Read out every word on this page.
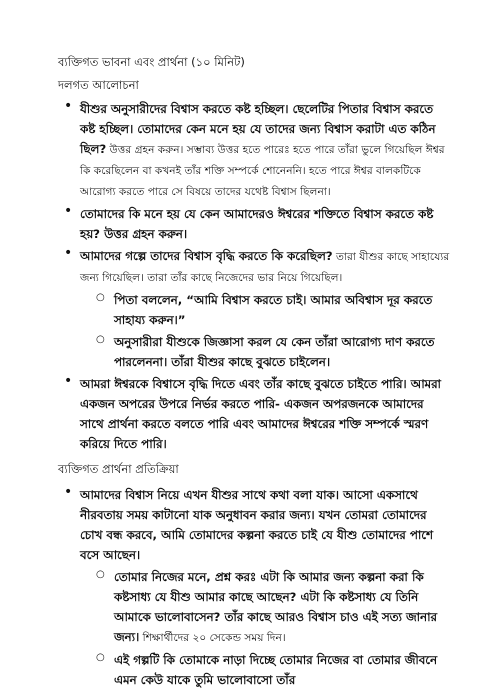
ব্যক্তিগত ভাবনা এবং প্রার্থনা (১০ মিনিট)
দলগত আলোচনা
• যীশুর অনুসারীদের বিশ্বাস করতে কষ্ট হচ্ছিল। ছেলেটির পিতার বিশ্বাস করতে কষ্ট হচ্ছিল। তোমাদের কেন মনে হয় যে তাদের জন্য বিশ্বাস করাটা এত কঠিন ছিল? উত্তর গ্রহন করুন। সম্ভাব্য উত্তর হতে পারেঃ হতে পারে তাঁরা ভুলে গিয়েছিল ঈশ্বর কি করেছিলেন বা কখনই তাঁর শক্তি সম্পর্কে শোনেননি। হতে পারে ঈশ্বর বালকটিকে আরোগ্য করতে পারে সে বিষয়ে তাদের যথেষ্ট বিশ্বাস ছিলনা।
• তোমাদের কি মনে হয় যে কেন আমাদেরও ঈশ্বরের শক্তিতে বিশ্বাস করতে কষ্ট হয়? উত্তর গ্রহন করুন।
• আমাদের গল্পে তাদের বিশ্বাস বৃদ্ধি করতে কি করেছিল? তারা যীশুর কাছে সাহায্যের জন্য গিয়েছিল। তারা তাঁর কাছে নিজেদের ভার নিয়ে গিয়েছিল।
○ পিতা বললেন, “আমি বিশ্বাস করতে চাই। আমার অবিশ্বাস দূর করতে সাহায্য করুন।”
○ অনুসারীরা যীশুকে জিজ্ঞাসা করল যে কেন তাঁরা আরোগ্য দাণ করতে পারলেননা। তাঁরা যীশুর কাছে বুঝতে চাইলেন।
• আমরা ঈশ্বরকে বিশ্বাসে বৃদ্ধি দিতে এবং তাঁর কাছে বুঝতে চাইতে পারি। আমরা একজন অপরের উপরে নির্ভর করতে পারি- একজন অপরজনকে আমাদের সাথে প্রার্থনা করতে বলতে পারি এবং আমাদের ঈশ্বরের শক্তি সম্পর্কে স্মরণ করিয়ে দিতে পারি।
ব্যক্তিগত প্রার্থনা প্রতিক্রিয়া
• আমাদের বিশ্বাস নিয়ে এখন যীশুর সাথে কথা বলা যাক। আসো একসাথে নীরবতায় সময় কাটানো যাক অনুধাবন করার জন্য। যখন তোমরা তোমাদের চোখ বন্ধ করবে, আমি তোমাদের কল্পনা করতে চাই যে যীশু তোমাদের পাশে বসে আছেন।
○ তোমার নিজের মনে, প্রশ্ন করঃ এটা কি আমার জন্য কল্পনা করা কি কষ্টসাধ্য যে যীশু আমার কাছে আছেন? এটা কি কষ্টসাধ্য যে তিনি আমাকে ভালোবাসেন? তাঁর কাছে আরও বিশ্বাস চাও এই সত্য জানার জন্য। শিক্ষার্থীদের ২০ সেকেন্ড সময় দিন।
○ এই গল্পটি কি তোমাকে নাড়া দিচ্ছে তোমার নিজের বা তোমার জীবনে এমন কেউ যাকে তুমি ভালোবাসো তাঁর
